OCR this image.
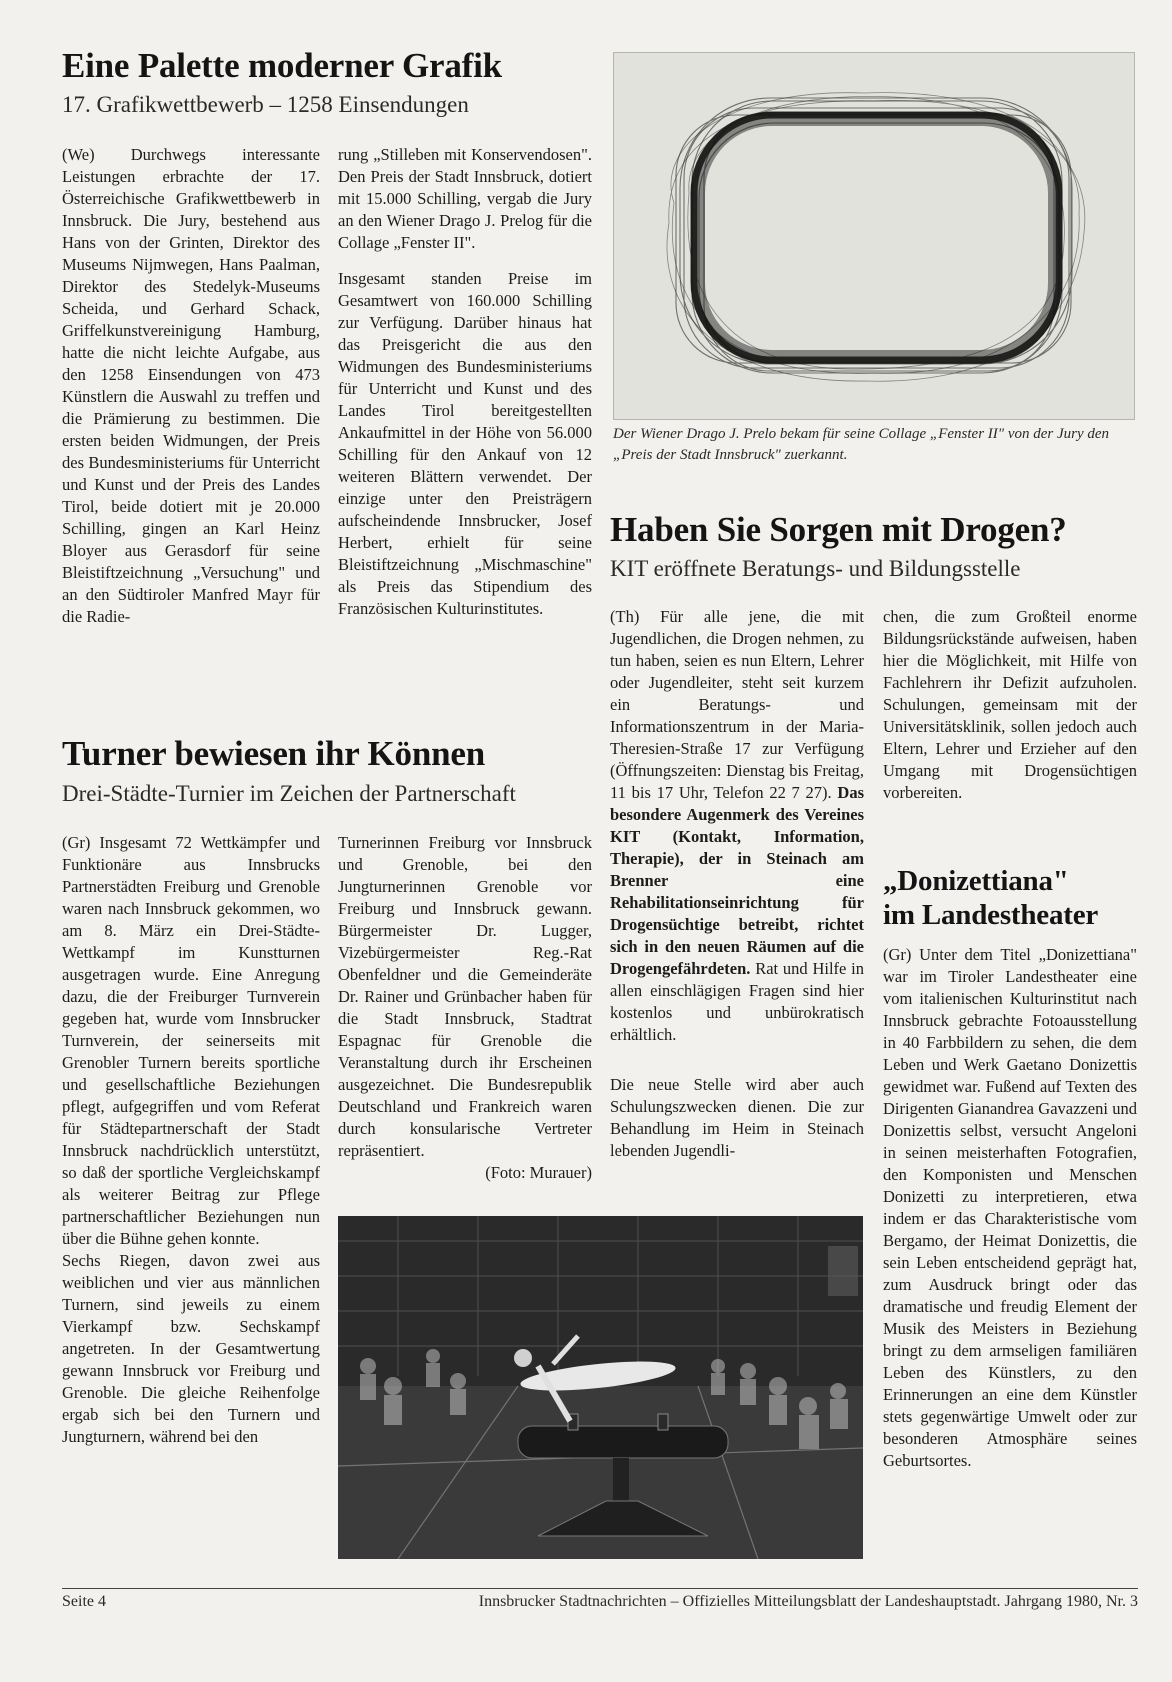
Eine Palette moderner Grafik
17. Grafikwettbewerb – 1258 Einsendungen

(We) Durchwegs interessante Leistungen erbrachte der 17. Österreichische Grafikwettbewerb in Innsbruck. Die Jury, bestehend aus Hans von der Grinten, Direktor des Museums Nijmwegen, Hans Paalman, Direktor des Stedelyk-Museums Scheida, und Gerhard Schack, Griffelkunstvereinigung Hamburg, hatte die nicht leichte Aufgabe, aus den 1258 Einsendungen von 473 Künstlern die Auswahl zu treffen und die Prämierung zu bestimmen. Die ersten beiden Widmungen, der Preis des Bundesministeriums für Unterricht und Kunst und der Preis des Landes Tirol, beide dotiert mit je 20.000 Schilling, gingen an Karl Heinz Bloyer aus Gerasdorf für seine Bleistiftzeichnung „Versuchung" und an den Südtiroler Manfred Mayr für die Radie-

rung „Stilleben mit Konservendosen". Den Preis der Stadt Innsbruck, dotiert mit 15.000 Schilling, vergab die Jury an den Wiener Drago J. Prelog für die Collage „Fenster II".

Insgesamt standen Preise im Gesamtwert von 160.000 Schilling zur Verfügung. Darüber hinaus hat das Preisgericht die aus den Widmungen des Bundesministeriums für Unterricht und Kunst und des Landes Tirol bereitgestellten Ankaufmittel in der Höhe von 56.000 Schilling für den Ankauf von 12 weiteren Blättern verwendet. Der einzige unter den Preisträgern aufscheindende Innsbrucker, Josef Herbert, erhielt für seine Bleistiftzeichnung „Mischmaschine" als Preis das Stipendium des Französischen Kulturinstitutes.

Der Wiener Drago J. Prelo bekam für seine Collage „Fenster II" von der Jury den „Preis der Stadt Innsbruck" zuerkannt.
Haben Sie Sorgen mit Drogen?
KIT eröffnete Beratungs- und Bildungsstelle

(Th) Für alle jene, die mit Jugendlichen, die Drogen nehmen, zu tun haben, seien es nun Eltern, Lehrer oder Jugendleiter, steht seit kurzem ein Beratungs- und Informationszentrum in der Maria-Theresien-Straße 17 zur Verfügung (Öffnungszeiten: Dienstag bis Freitag, 11 bis 17 Uhr, Telefon 22 7 27). Das besondere Augenmerk des Vereines KIT (Kontakt, Information, Therapie), der in Steinach am Brenner eine Rehabilitationseinrichtung für Drogensüchtige betreibt, richtet sich in den neuen Räumen auf die Drogengefährdeten. Rat und Hilfe in allen einschlägigen Fragen sind hier kostenlos und unbürokratisch erhältlich.

Die neue Stelle wird aber auch Schulungszwecken dienen. Die zur Behandlung im Heim in Steinach lebenden Jugendli-

chen, die zum Großteil enorme Bildungsrückstände aufweisen, haben hier die Möglichkeit, mit Hilfe von Fachlehrern ihr Defizit aufzuholen. Schulungen, gemeinsam mit der Universitätsklinik, sollen jedoch auch Eltern, Lehrer und Erzieher auf den Umgang mit Drogensüchtigen vorbereiten.

„Donizettiana"
im Landestheater

(Gr) Unter dem Titel „Donizettiana" war im Tiroler Landestheater eine vom italienischen Kulturinstitut nach Innsbruck gebrachte Fotoausstellung in 40 Farbbildern zu sehen, die dem Leben und Werk Gaetano Donizettis gewidmet war. Fußend auf Texten des Dirigenten Gianandrea Gavazzeni und Donizettis selbst, versucht Angeloni in seinen meisterhaften Fotografien, den Komponisten und Menschen Donizetti zu interpretieren, etwa indem er das Charakteristische vom Bergamo, der Heimat Donizettis, die sein Leben entscheidend geprägt hat, zum Ausdruck bringt oder das dramatische und freudig Element der Musik des Meisters in Beziehung bringt zu dem armseligen familiären Leben des Künstlers, zu den Erinnerungen an eine dem Künstler stets gegenwärtige Umwelt oder zur besonderen Atmosphäre seines Geburtsortes.

Turner bewiesen ihr Können
Drei-Städte-Turnier im Zeichen der Partnerschaft

(Gr) Insgesamt 72 Wettkämpfer und Funktionäre aus Innsbrucks Partnerstädten Freiburg und Grenoble waren nach Innsbruck gekommen, wo am 8. März ein Drei-Städte-Wettkampf im Kunstturnen ausgetragen wurde. Eine Anregung dazu, die der Freiburger Turnverein gegeben hat, wurde vom Innsbrucker Turnverein, der seinerseits mit Grenobler Turnern bereits sportliche und gesellschaftliche Beziehungen pflegt, aufgegriffen und vom Referat für Städtepartnerschaft der Stadt Innsbruck nachdrücklich unterstützt, so daß der sportliche Vergleichskampf als weiterer Beitrag zur Pflege partnerschaftlicher Beziehungen nun über die Bühne gehen konnte.

Sechs Riegen, davon zwei aus weiblichen und vier aus männlichen Turnern, sind jeweils zu einem Vierkampf bzw. Sechskampf angetreten. In der Gesamtwertung gewann Innsbruck vor Freiburg und Grenoble. Die gleiche Reihenfolge ergab sich bei den Turnern und Jungturnern, während bei den

Turnerinnen Freiburg vor Innsbruck und Grenoble, bei den Jungturnerinnen Grenoble vor Freiburg und Innsbruck gewann. Bürgermeister Dr. Lugger, Vizebürgermeister Reg.-Rat Obenfeldner und die Gemeinderäte Dr. Rainer und Grünbacher haben für die Stadt Innsbruck, Stadtrat Espagnac für Grenoble die Veranstaltung durch ihr Erscheinen ausgezeichnet. Die Bundesrepublik Deutschland und Frankreich waren durch konsularische Vertreter repräsentiert.

(Foto: Murauer)
Seite 4	Innsbrucker Stadtnachrichten – Offizielles Mitteilungsblatt der Landeshauptstadt. Jahrgang 1980, Nr. 3
